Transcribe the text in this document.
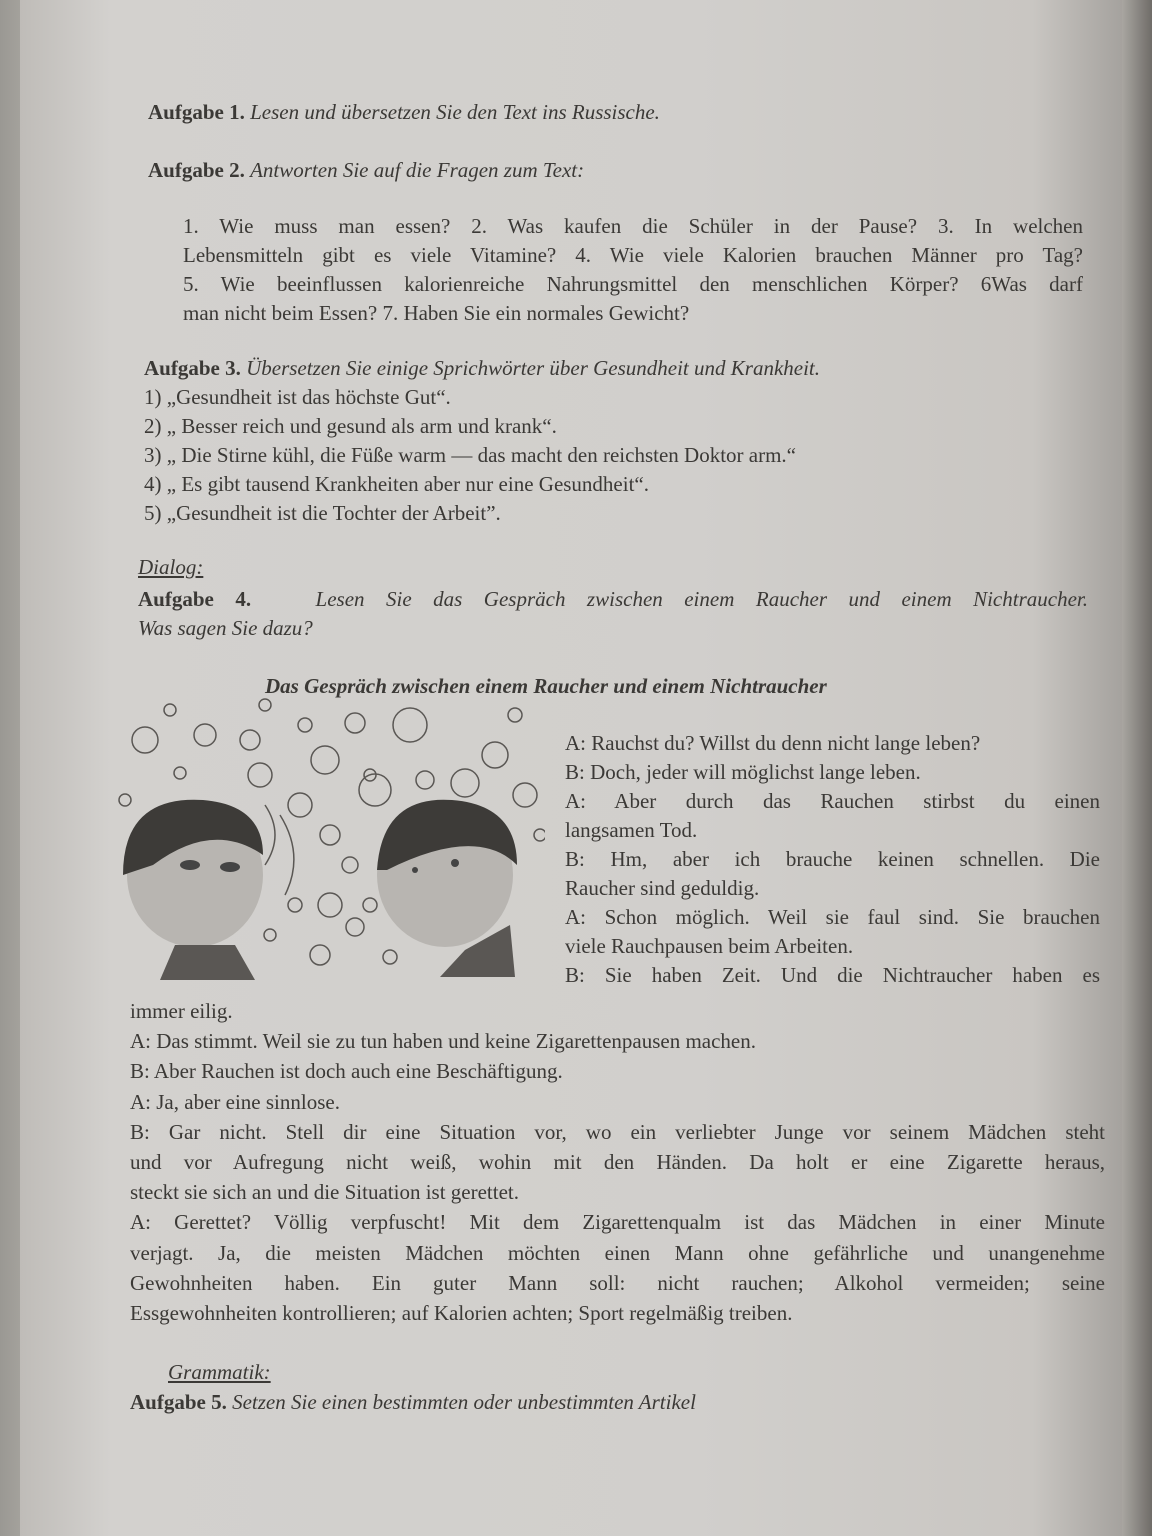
Aufgabe 1. Lesen und übersetzen Sie den Text ins Russische.
Aufgabe 2. Antworten Sie auf die Fragen zum Text:
1. Wie muss man essen? 2. Was kaufen die Schüler in der Pause? 3. In welchen
Lebensmitteln gibt es viele Vitamine? 4. Wie viele Kalorien brauchen Männer pro Tag?
5. Wie beeinflussen kalorienreiche Nahrungsmittel den menschlichen Körper? 6Was darf
man nicht beim Essen? 7. Haben Sie ein normales Gewicht?
Aufgabe 3. Übersetzen Sie einige Sprichwörter über Gesundheit und Krankheit.
1) „Gesundheit ist das höchste Gut“.
2) „ Besser reich und gesund als arm und krank“.
3) „ Die Stirne kühl, die Füße warm — das macht den reichsten Doktor arm.“
4) „ Es gibt tausend Krankheiten aber nur eine Gesundheit“.
5) „Gesundheit ist die Tochter der Arbeit”.
Dialog:
Aufgabe 4.	Lesen Sie das Gespräch zwischen einem Raucher und einem Nichtraucher.
Was sagen Sie dazu?
Das Gespräch zwischen einem Raucher und einem Nichtraucher
A: Rauchst du? Willst du denn nicht lange leben?
B: Doch, jeder will möglichst lange leben.
A: Aber durch das Rauchen stirbst du einen
langsamen Tod.
B: Hm, aber ich brauche keinen schnellen. Die
Raucher sind geduldig.
A: Schon möglich. Weil sie faul sind. Sie brauchen
viele Rauchpausen beim Arbeiten.
B: Sie haben Zeit. Und die Nichtraucher haben es
immer eilig.
A: Das stimmt. Weil sie zu tun haben und keine Zigarettenpausen machen.
B: Aber Rauchen ist doch auch eine Beschäftigung.
A: Ja, aber eine sinnlose.
B: Gar nicht. Stell dir eine Situation vor, wo ein verliebter Junge vor seinem Mädchen steht
und vor Aufregung nicht weiß, wohin mit den Händen. Da holt er eine Zigarette heraus,
steckt sie sich an und die Situation ist gerettet.
A: Gerettet? Völlig verpfuscht! Mit dem Zigarettenqualm ist das Mädchen in einer Minute
verjagt. Ja, die meisten Mädchen möchten einen Mann ohne gefährliche und unangenehme
Gewohnheiten haben. Ein guter Mann soll: nicht rauchen; Alkohol vermeiden; seine
Essgewohnheiten kontrollieren; auf Kalorien achten; Sport regelmäßig treiben.
Grammatik:
Aufgabe 5. Setzen Sie einen bestimmten oder unbestimmten Artikel
